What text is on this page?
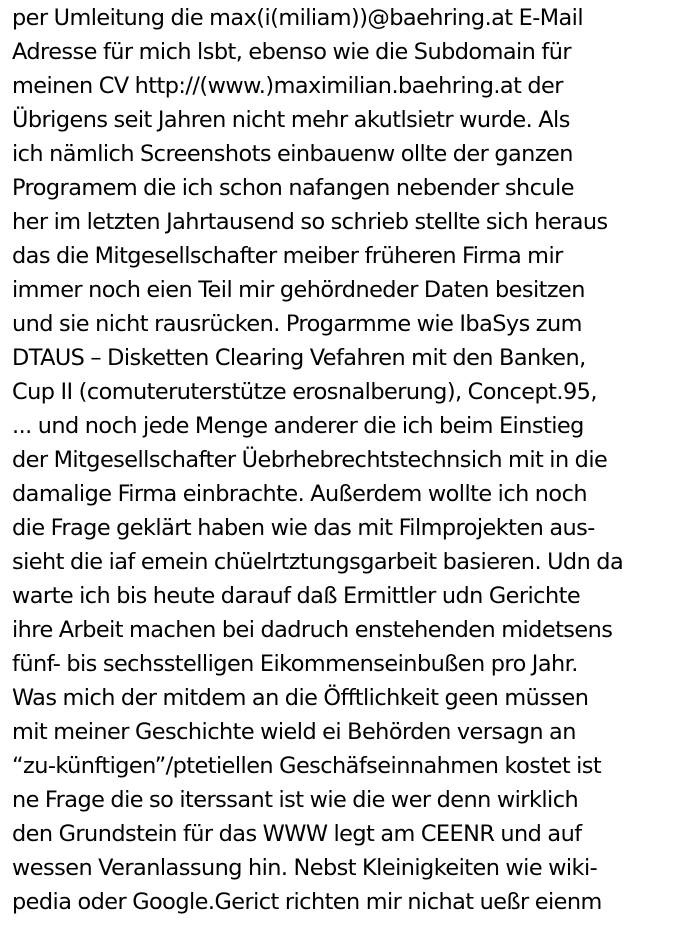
per Umleitung die max(i(miliam))@baehring.at E-Mail
Adresse für mich lsbt, ebenso wie die Subdomain für
meinen CV http://(www.)maximilian.baehring.at der
Übrigens seit Jahren nicht mehr akutlsietr wurde. Als
ich nämlich Screenshots einbauenw ollte der ganzen
Programem die ich schon nafangen nebender shcule
her im letzten Jahrtausend so schrieb stellte sich heraus
das die Mitgesellschafter meiber früheren Firma mir
immer noch eien Teil mir gehördneder Daten besitzen
und sie nicht rausrücken. Progarmme wie IbaSys zum
DTAUS – Disketten Clearing Vefahren mit den Banken,
Cup II (comuteruterstütze erosnalberung), Concept.95,
... und noch jede Menge anderer die ich beim Einstieg
der Mitgesellschafter Üebrhebrechtstechnsich mit in die
damalige Firma einbrachte. Außerdem wollte ich noch
die Frage geklärt haben wie das mit Filmprojekten aus-
sieht die iaf emein chüelrtztungsgarbeit basieren. Udn da
warte ich bis heute darauf daß Ermittler udn Gerichte
ihre Arbeit machen bei dadruch enstehenden midetsens
fünf- bis sechsstelligen Eikommenseinbußen pro Jahr.
Was mich der mitdem an die Öfftlichkeit geen müssen
mit meiner Geschichte wield ei Behörden versagn an
“zu-künftigen”/ptetiellen Geschäfseinnahmen kostet ist
ne Frage die so iterssant ist wie die wer denn wirklich
den Grundstein für das WWW legt am CEENR und auf
wessen Veranlassung hin. Nebst Kleinigkeiten wie wiki-
pedia oder Google.Gerict richten mir nichat ueßr eienm
